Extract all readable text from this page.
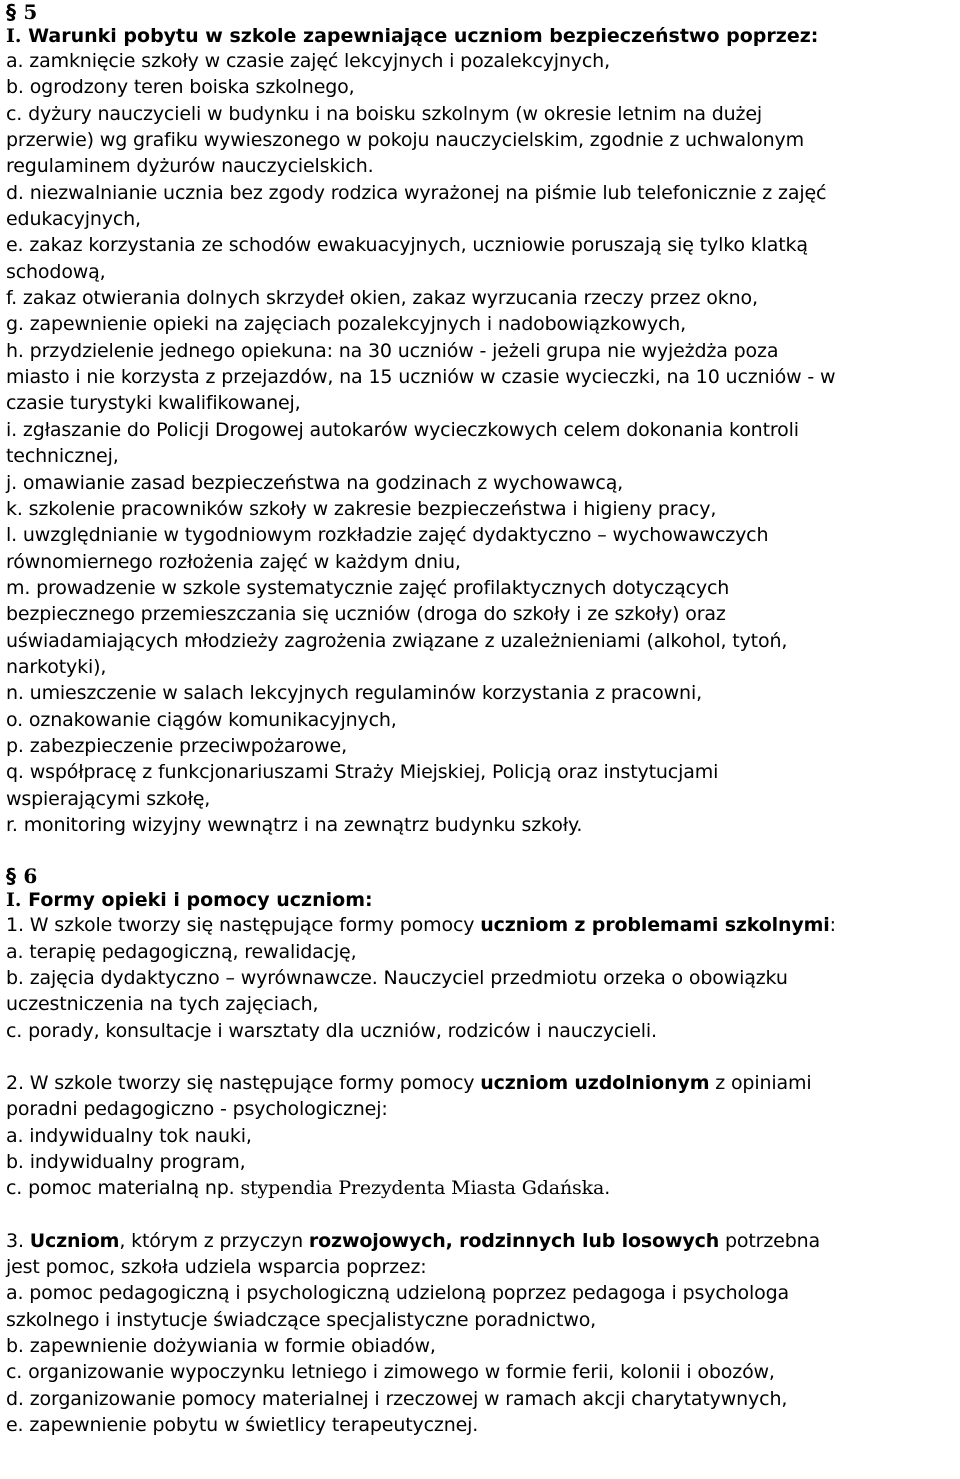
§ 5
I. Warunki pobytu w szkole zapewniające uczniom bezpieczeństwo poprzez:
a. zamknięcie szkoły w czasie zajęć lekcyjnych i pozalekcyjnych,
b. ogrodzony teren boiska szkolnego,
c. dyżury nauczycieli w budynku i na boisku szkolnym (w okresie letnim na dużej
przerwie) wg grafiku wywieszonego w pokoju nauczycielskim, zgodnie z uchwalonym
regulaminem dyżurów nauczycielskich.
d. niezwalnianie ucznia bez zgody rodzica wyrażonej na piśmie lub telefonicznie z zajęć
edukacyjnych,
e. zakaz korzystania ze schodów ewakuacyjnych, uczniowie poruszają się tylko klatką
schodową,
f. zakaz otwierania dolnych skrzydeł okien, zakaz wyrzucania rzeczy przez okno,
g. zapewnienie opieki na zajęciach pozalekcyjnych i nadobowiązkowych,
h. przydzielenie jednego opiekuna: na 30 uczniów - jeżeli grupa nie wyjeżdża poza
miasto i nie korzysta z przejazdów, na 15 uczniów w czasie wycieczki, na 10 uczniów - w
czasie turystyki kwalifikowanej,
i. zgłaszanie do Policji Drogowej autokarów wycieczkowych celem dokonania kontroli
technicznej,
j. omawianie zasad bezpieczeństwa na godzinach z wychowawcą,
k. szkolenie pracowników szkoły w zakresie bezpieczeństwa i higieny pracy,
l. uwzględnianie w tygodniowym rozkładzie zajęć dydaktyczno – wychowawczych
równomiernego rozłożenia zajęć w każdym dniu,
m. prowadzenie w szkole systematycznie zajęć profilaktycznych dotyczących
bezpiecznego przemieszczania się uczniów (droga do szkoły i ze szkoły) oraz
uświadamiających młodzieży zagrożenia związane z uzależnieniami (alkohol, tytoń,
narkotyki),
n. umieszczenie w salach lekcyjnych regulaminów korzystania z pracowni,
o. oznakowanie ciągów komunikacyjnych,
p. zabezpieczenie przeciwpożarowe,
q. współpracę z funkcjonariuszami Straży Miejskiej, Policją oraz instytucjami
wspierającymi szkołę,
r. monitoring wizyjny wewnątrz i na zewnątrz budynku szkoły.
§ 6
I. Formy opieki i pomocy uczniom:
1. W szkole tworzy się następujące formy pomocy uczniom z problemami szkolnymi:
a. terapię pedagogiczną, rewalidację,
b. zajęcia dydaktyczno – wyrównawcze. Nauczyciel przedmiotu orzeka o obowiązku
uczestniczenia na tych zajęciach,
c. porady, konsultacje i warsztaty dla uczniów, rodziców i nauczycieli.
2. W szkole tworzy się następujące formy pomocy uczniom uzdolnionym z opiniami
poradni pedagogiczno - psychologicznej:
a. indywidualny tok nauki,
b. indywidualny program,
c. pomoc materialną np. stypendia Prezydenta Miasta Gdańska.
3. Uczniom, którym z przyczyn rozwojowych, rodzinnych lub losowych potrzebna
jest pomoc, szkoła udziela wsparcia poprzez:
a. pomoc pedagogiczną i psychologiczną udzieloną poprzez pedagoga i psychologa
szkolnego i instytucje świadczące specjalistyczne poradnictwo,
b. zapewnienie dożywiania w formie obiadów,
c. organizowanie wypoczynku letniego i zimowego w formie ferii, kolonii i obozów,
d. zorganizowanie pomocy materialnej i rzeczowej w ramach akcji charytatywnych,
e. zapewnienie pobytu w świetlicy terapeutycznej.
